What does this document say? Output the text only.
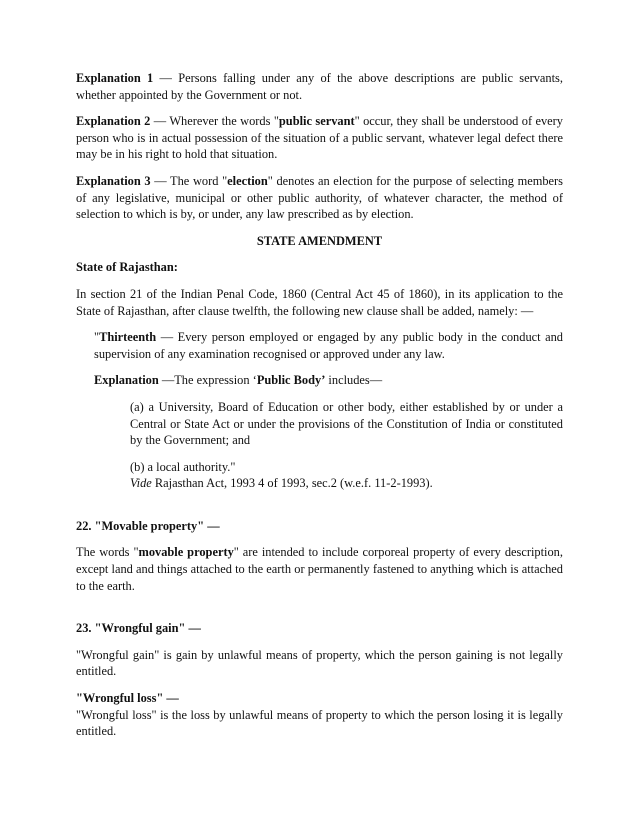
Explanation 1 — Persons falling under any of the above descriptions are public servants, whether appointed by the Government or not.

Explanation 2 — Wherever the words "public servant" occur, they shall be understood of every person who is in actual possession of the situation of a public servant, whatever legal defect there may be in his right to hold that situation.

Explanation 3 — The word "election" denotes an election for the purpose of selecting members of any legislative, municipal or other public authority, of whatever character, the method of selection to which is by, or under, any law prescribed as by election.

STATE AMENDMENT

State of Rajasthan:

In section 21 of the Indian Penal Code, 1860 (Central Act 45 of 1860), in its application to the State of Rajasthan, after clause twelfth, the following new clause shall be added, namely: —

"Thirteenth — Every person employed or engaged by any public body in the conduct and supervision of any examination recognised or approved under any law.

Explanation —The expression ‘Public Body’ includes—

(a) a University, Board of Education or other body, either established by or under a Central or State Act or under the provisions of the Constitution of India or constituted by the Government; and

(b) a local authority."
Vide Rajasthan Act, 1993 4 of 1993, sec.2 (w.e.f. 11-2-1993).

22. "Movable property" —

The words "movable property" are intended to include corporeal property of every description, except land and things attached to the earth or permanently fastened to anything which is attached to the earth.

23. "Wrongful gain" —

"Wrongful gain" is gain by unlawful means of property, which the person gaining is not legally entitled.

"Wrongful loss" —

"Wrongful loss" is the loss by unlawful means of property to which the person losing it is legally entitled.
